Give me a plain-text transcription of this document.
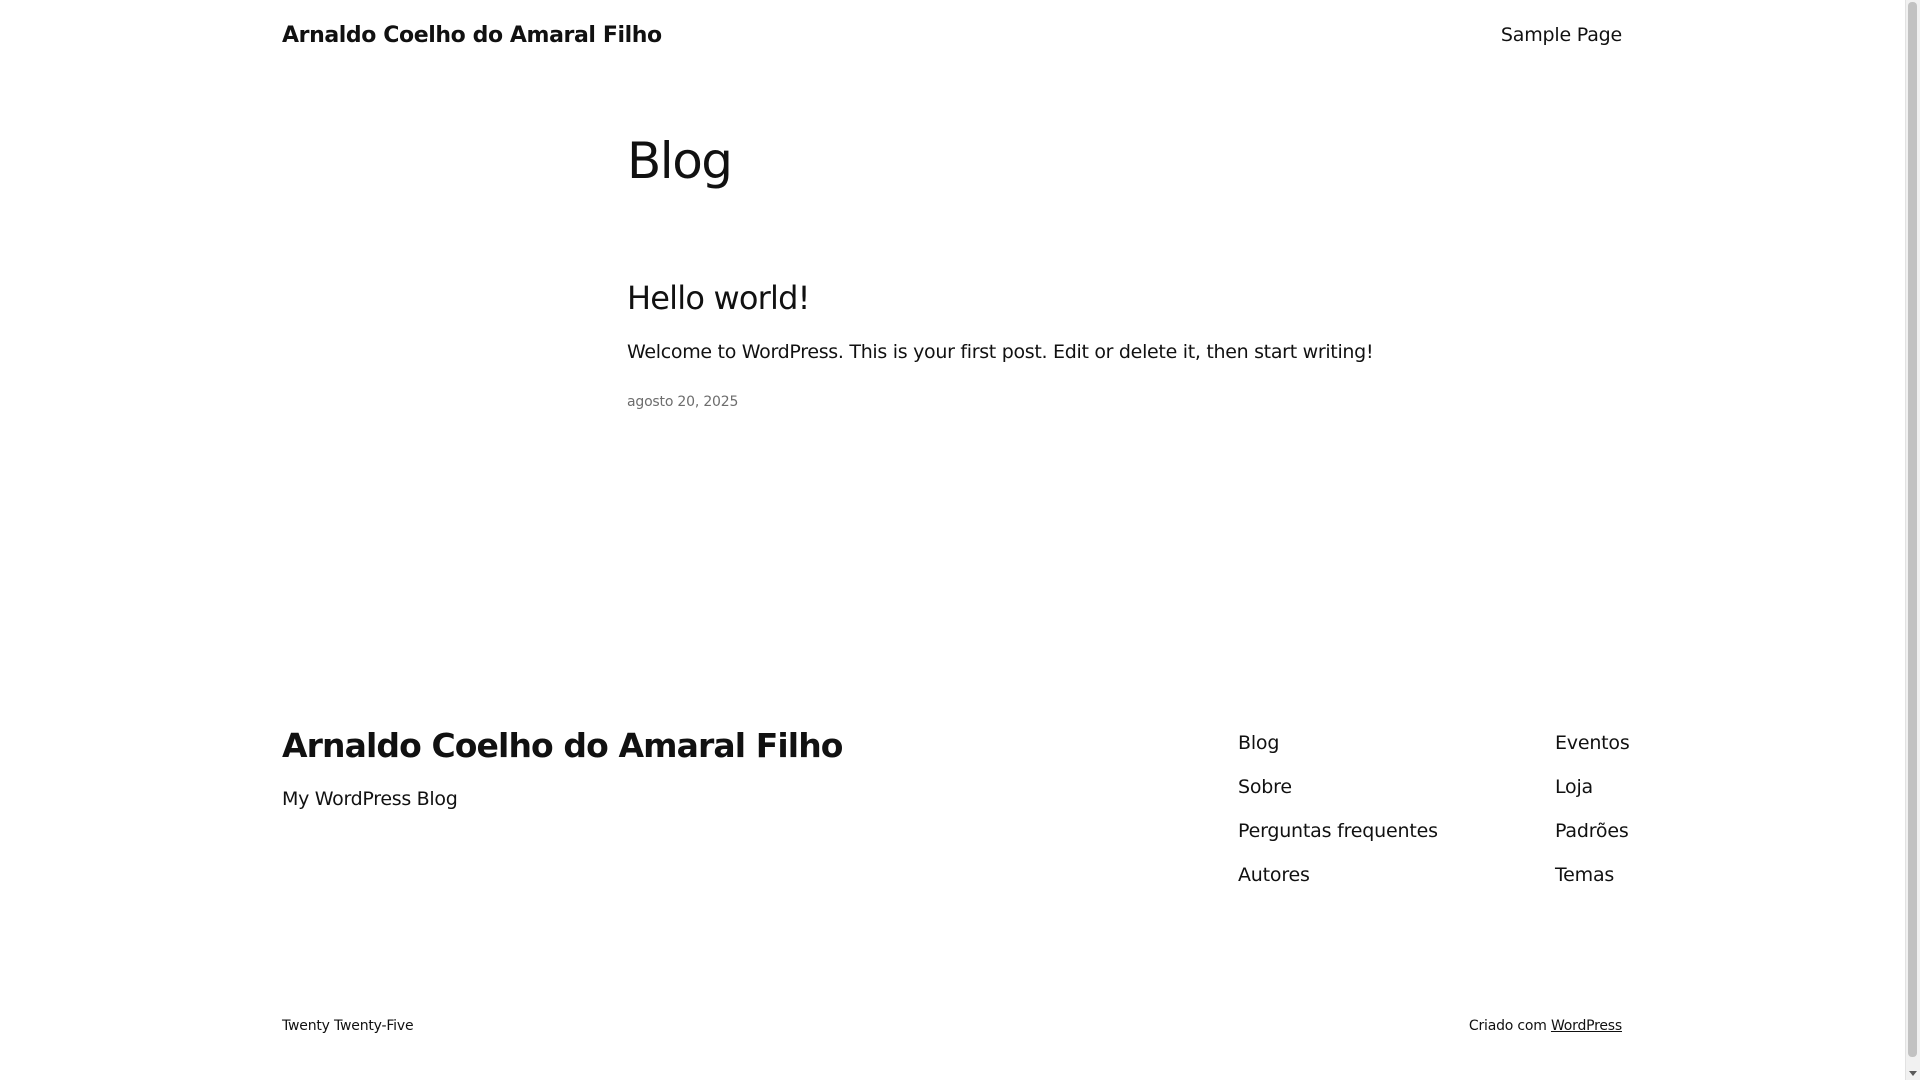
Arnaldo Coelho do Amaral Filho	Sample Page
Blog
Hello world!

Welcome to WordPress. This is your first post. Edit or delete it, then start writing!

agosto 20, 2025
Arnaldo Coelho do Amaral Filho
My WordPress Blog
Blog
Sobre
Perguntas frequentes
Autores
Eventos
Loja
Padrões
Temas
Twenty Twenty-Five	Criado com WordPress
